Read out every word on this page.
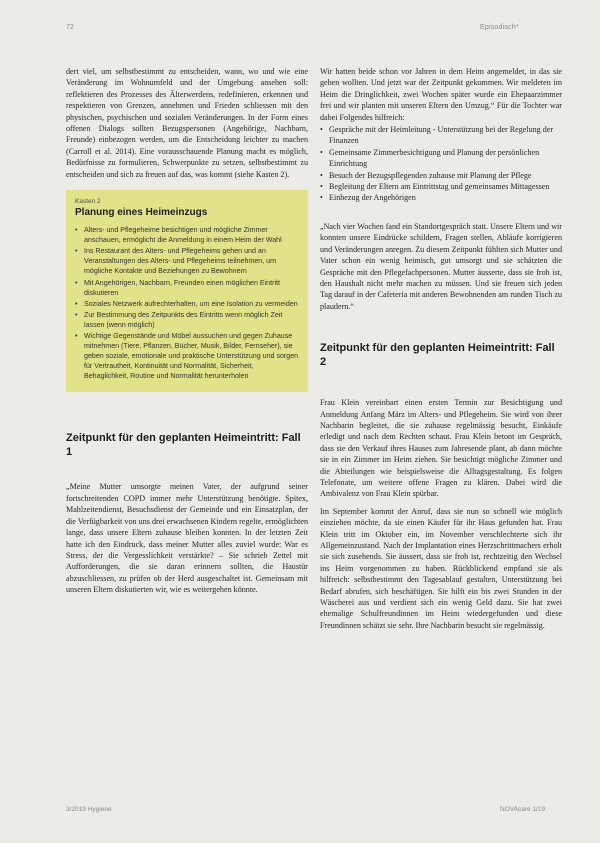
72	Episodisch*

dert viel, um selbstbestimmt zu entscheiden, wann, wo und wie eine Veränderung im Wohnumfeld und der Umgebung ansehen soll: reflektieren des Prozesses des Älterwerdens, redefinieren, erkennen und respektieren von Grenzen, annehmen und Frieden schliessen mit den physischen, psychischen und sozialen Veränderungen. In der Form eines offenen Dialogs sollten Bezugspersonen (Angehörige, Nachbarn, Freunde) einbezogen werden, um die Entscheidung leichter zu machen (Carroll et al. 2014). Eine vorausschauende Planung macht es möglich, Bedürfnisse zu formulieren, Schwerpunkte zu setzen, selbstbestimmt zu entscheiden und sich zu freuen auf das, was kommt (siehe Kasten 2).

Kasten 2
Planung eines Heimeinzugs
• Alters- und Pflegeheime besichtigen und mögliche Zimmer anschauen, ermöglicht die Anmeldung in einem Heim der Wahl
• Ins Restaurant des Alters- und Pflegeheims gehen und an Veranstaltungen des Alters- und Pflegeheims teilnehmen, um mögliche Kontakte und Beziehungen zu Bewohnern
• Mit Angehörigen, Nachbarn, Freunden einen möglichen Eintritt diskutieren
• Soziales Netzwerk aufrechterhalten, um eine Isolation zu vermeiden
• Zur Bestimmung des Zeitpunkts des Eintritts wenn möglich Zeit lassen (wenn möglich)
• Wichtige Gegenstände und Möbel aussuchen und gegen Zuhause mitnehmen (Tiere, Pflanzen, Bücher, Musik, Bilder, Fernseher), sie geben soziale, emotionale und praktische Unterstützung und sorgen für Vertrautheit, Kontinuität und Normalität, Sicherheit, Behaglichkeit, Routine und Normalität herunterholen
Zeitpunkt für den geplanten Heimeintritt: Fall 1

„Meine Mutter umsorgte meinen Vater, der aufgrund seiner fortschreitenden COPD immer mehr Unterstützung benötigte. Spitex, Mahlzeitendienst, Besuchsdienst der Gemeinde und ein Einsatzplan, der die Verfügbarkeit von uns drei erwachsenen Kindern regelte, ermöglichten lange, dass unsere Eltern zuhause bleiben konnten. In der letzten Zeit hatte ich den Eindruck, dass meiner Mutter alles zuviel wurde: War es Stress, der die Vergesslichkeit verstärkte? – Sie schrieb Zettel mit Aufforderungen, die sie daran erinnern sollten, die Haustür abzuschliessen, zu prüfen ob der Herd ausgeschaltet ist. Gemeinsam mit unseren Eltern diskutierten wir, wie es weitergehen könnte.

Wir hatten beide schon vor Jahren in dem Heim angemeldet, in das sie gehen wollten. Und jetzt war der Zeitpunkt gekommen. Wir meldeten im Heim die Dringlichkeit, zwei Wochen später wurde ein Ehepaarzimmer frei und wir planten mit unseren Eltern den Umzug.“ Für die Tochter war dabei Folgendes hilfreich:

• Gespräche mit der Heimleitung - Unterstützung bei der Regelung der Finanzen
• Gemeinsame Zimmerbesichtigung und Planung der persönlichen Einrichtung
• Besuch der Bezugspflegenden zuhause mit Planung der Pflege
• Begleitung der Eltern am Eintrittstag und gemeinsames Mittagessen
• Einbezug der Angehörigen

„Nach vier Wochen fand ein Standortgespräch statt. Unsere Eltern und wir konnten unsere Eindrücke schildern, Fragen stellen, Abläufe korrigieren und Veränderungen anregen. Zu diesem Zeitpunkt fühlten sich Mutter und Vater schon ein wenig heimisch, gut umsorgt und sie schätzten die Gespräche mit den Pflegefachpersonen. Mutter äusserte, dass sie froh ist, den Haushalt nicht mehr machen zu müssen. Und sie freuen sich jeden Tag darauf in der Cafeteria mit anderen Bewohnenden am runden Tisch zu plaudern.“

Zeitpunkt für den geplanten Heimeintritt: Fall 2

Frau Klein vereinbart einen ersten Termin zur Besichtigung und Anmeldung Anfang März im Alters- und Pflegeheim. Sie wird von ihrer Nachbarin begleitet, die sie zuhause regelmässig besucht, Einkäufe erledigt und nach dem Rechten schaut. Frau Klein betont im Gespräch, dass sie den Verkauf ihres Hauses zum Jahresende plant, ab dann möchte sie in ein Zimmer im Heim ziehen. Sie besichtigt mögliche Zimmer und die Abteilungen wie beispielsweise die Alltagsgestaltung. Es folgen Telefonate, um weitere offene Fragen zu klären. Dabei wird die Ambivalenz von Frau Klein spürbar.

Im September kommt der Anruf, dass sie nun so schnell wie möglich einziehen möchte, da sie einen Käufer für ihr Haus gefunden hat. Frau Klein tritt im Oktober ein, im November verschlechterte sich ihr Allgemeinzustand. Nach der Implantation eines Herzschrittmachers erholt sie sich zusehends. Sie äussert, dass sie froh ist, rechtzeitig den Wechsel ins Heim vorgenommen zu haben. Rückblickend empfand sie als hilfreich: selbstbestimmt den Tagesablauf gestalten, Unterstützung bei Bedarf abrufen, sich beschäftigen. Sie hilft ein bis zwei Stunden in der Wäscherei aus und verdient sich ein wenig Geld dazu. Sie hat zwei ehemalige Schulfreundinnen im Heim wiedergefunden und diese Freundinnen schätzt sie sehr. Ihre Nachbarin besucht sie regelmässig.

3/2019 Hygiene	NOVAcare 1/19
